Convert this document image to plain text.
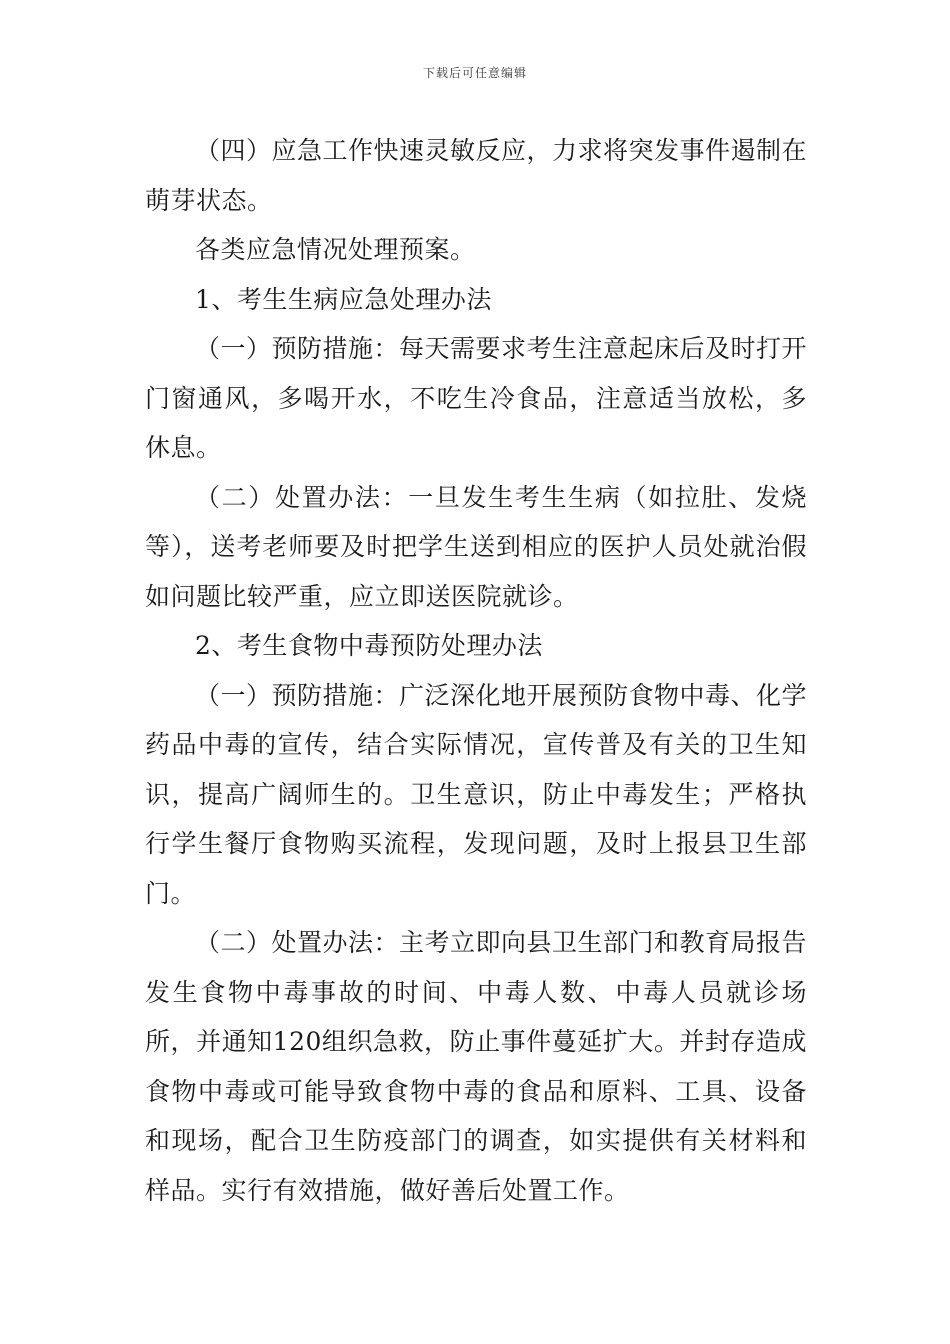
下载后可任意编辑

（四）应急工作快速灵敏反应，力求将突发事件遏制在萌芽状态。

各类应急情况处理预案。

1、考生生病应急处理办法

（一）预防措施：每天需要求考生注意起床后及时打开门窗通风，多喝开水，不吃生冷食品，注意适当放松，多休息。

（二）处置办法：一旦发生考生生病（如拉肚、发烧等），送考老师要及时把学生送到相应的医护人员处就治假如问题比较严重，应立即送医院就诊。

2、考生食物中毒预防处理办法

（一）预防措施：广泛深化地开展预防食物中毒、化学药品中毒的宣传，结合实际情况，宣传普及有关的卫生知识，提高广阔师生的。卫生意识，防止中毒发生；严格执行学生餐厅食物购买流程，发现问题，及时上报县卫生部门。

（二）处置办法：主考立即向县卫生部门和教育局报告发生食物中毒事故的时间、中毒人数、中毒人员就诊场所，并通知120组织急救，防止事件蔓延扩大。并封存造成食物中毒或可能导致食物中毒的食品和原料、工具、设备和现场，配合卫生防疫部门的调查，如实提供有关材料和样品。实行有效措施，做好善后处置工作。
